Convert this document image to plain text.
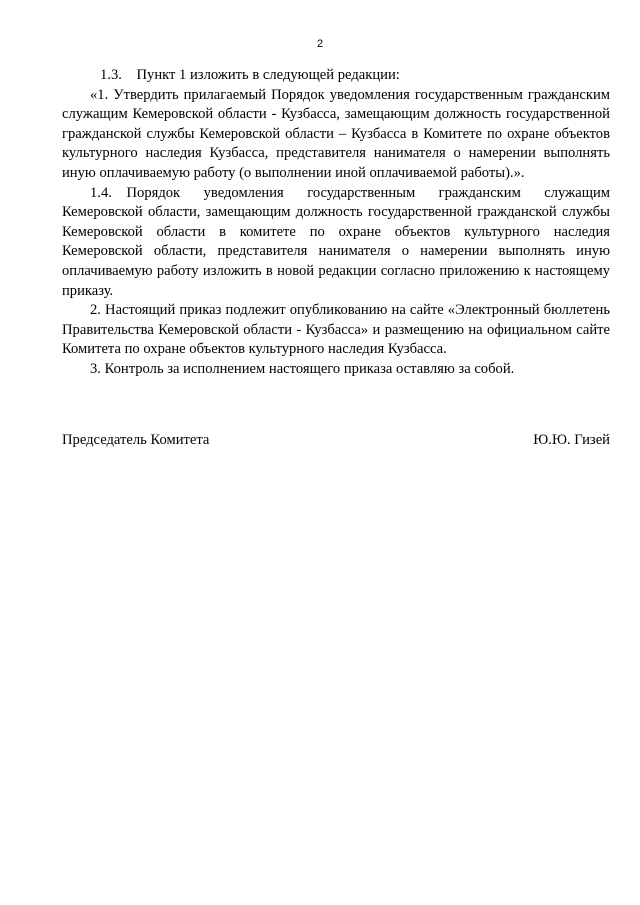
2

1.3. Пункт 1 изложить в следующей редакции:

«1. Утвердить прилагаемый Порядок уведомления государственным гражданским служащим Кемеровской области - Кузбасса, замещающим должность государственной гражданской службы Кемеровской области – Кузбасса в Комитете по охране объектов культурного наследия Кузбасса, представителя нанимателя о намерении выполнять иную оплачиваемую работу (о выполнении иной оплачиваемой работы).».

1.4. Порядок уведомления государственным гражданским служащим Кемеровской области, замещающим должность государственной гражданской службы Кемеровской области в комитете по охране объектов культурного наследия Кемеровской области, представителя нанимателя о намерении выполнять иную оплачиваемую работу изложить в новой редакции согласно приложению к настоящему приказу.

2. Настоящий приказ подлежит опубликованию на сайте «Электронный бюллетень Правительства Кемеровской области - Кузбасса» и размещению на официальном сайте Комитета по охране объектов культурного наследия Кузбасса.

3. Контроль за исполнением настоящего приказа оставляю за собой.

Председатель Комитета	Ю.Ю. Гизей
